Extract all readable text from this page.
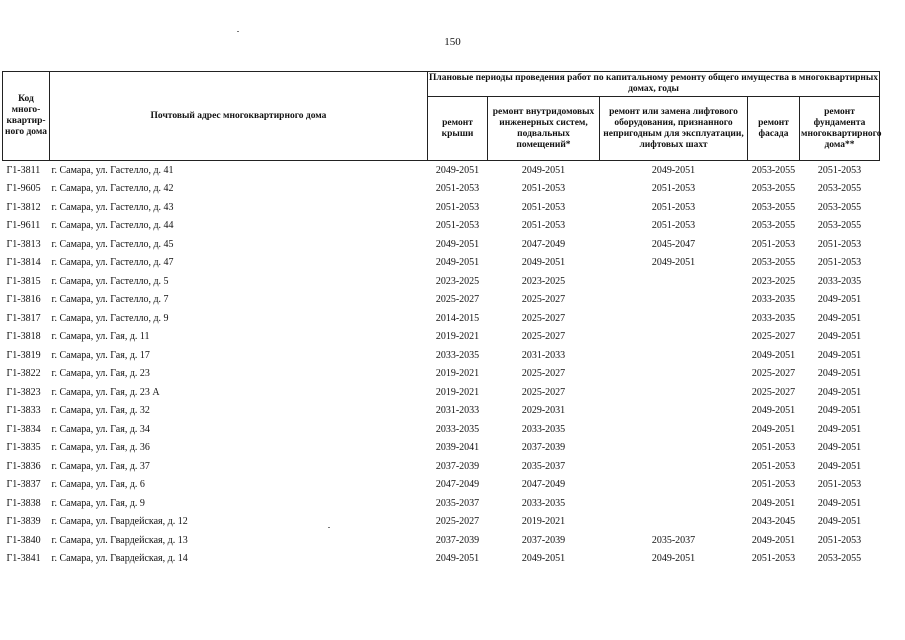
150
Код много-квартир-ного дома	Почтовый адрес многоквартирного дома	Плановые периоды проведения работ по капитальному ремонту общего имущества в многоквартирных домах, годы				
		ремонт крыши	ремонт внутридомовых инженерных систем, подвальных помещений*	ремонт или замена лифтового оборудования, признанного непригодным для эксплуатации, лифтовых шахт	ремонт фасада	ремонт фундамента многоквартирного дома**
Г1-3811	г. Самара, ул. Гастелло, д. 41	2049-2051	2049-2051	2049-2051	2053-2055	2051-2053
Г1-9605	г. Самара, ул. Гастелло, д. 42	2051-2053	2051-2053	2051-2053	2053-2055	2053-2055
Г1-3812	г. Самара, ул. Гастелло, д. 43	2051-2053	2051-2053	2051-2053	2053-2055	2053-2055
Г1-9611	г. Самара, ул. Гастелло, д. 44	2051-2053	2051-2053	2051-2053	2053-2055	2053-2055
Г1-3813	г. Самара, ул. Гастелло, д. 45	2049-2051	2047-2049	2045-2047	2051-2053	2051-2053
Г1-3814	г. Самара, ул. Гастелло, д. 47	2049-2051	2049-2051	2049-2051	2053-2055	2051-2053
Г1-3815	г. Самара, ул. Гастелло, д. 5	2023-2025	2023-2025		2023-2025	2033-2035
Г1-3816	г. Самара, ул. Гастелло, д. 7	2025-2027	2025-2027		2033-2035	2049-2051
Г1-3817	г. Самара, ул. Гастелло, д. 9	2014-2015	2025-2027		2033-2035	2049-2051
Г1-3818	г. Самара, ул. Гая, д. 11	2019-2021	2025-2027		2025-2027	2049-2051
Г1-3819	г. Самара, ул. Гая, д. 17	2033-2035	2031-2033		2049-2051	2049-2051
Г1-3822	г. Самара, ул. Гая, д. 23	2019-2021	2025-2027		2025-2027	2049-2051
Г1-3823	г. Самара, ул. Гая, д. 23 А	2019-2021	2025-2027		2025-2027	2049-2051
Г1-3833	г. Самара, ул. Гая, д. 32	2031-2033	2029-2031		2049-2051	2049-2051
Г1-3834	г. Самара, ул. Гая, д. 34	2033-2035	2033-2035		2049-2051	2049-2051
Г1-3835	г. Самара, ул. Гая, д. 36	2039-2041	2037-2039		2051-2053	2049-2051
Г1-3836	г. Самара, ул. Гая, д. 37	2037-2039	2035-2037		2051-2053	2049-2051
Г1-3837	г. Самара, ул. Гая, д. 6	2047-2049	2047-2049		2051-2053	2051-2053
Г1-3838	г. Самара, ул. Гая, д. 9	2035-2037	2033-2035		2049-2051	2049-2051
Г1-3839	г. Самара, ул. Гвардейская, д. 12	2025-2027	2019-2021		2043-2045	2049-2051
Г1-3840	г. Самара, ул. Гвардейская, д. 13	2037-2039	2037-2039	2035-2037	2049-2051	2051-2053
Г1-3841	г. Самара, ул. Гвардейская, д. 14	2049-2051	2049-2051	2049-2051	2051-2053	2053-2055
